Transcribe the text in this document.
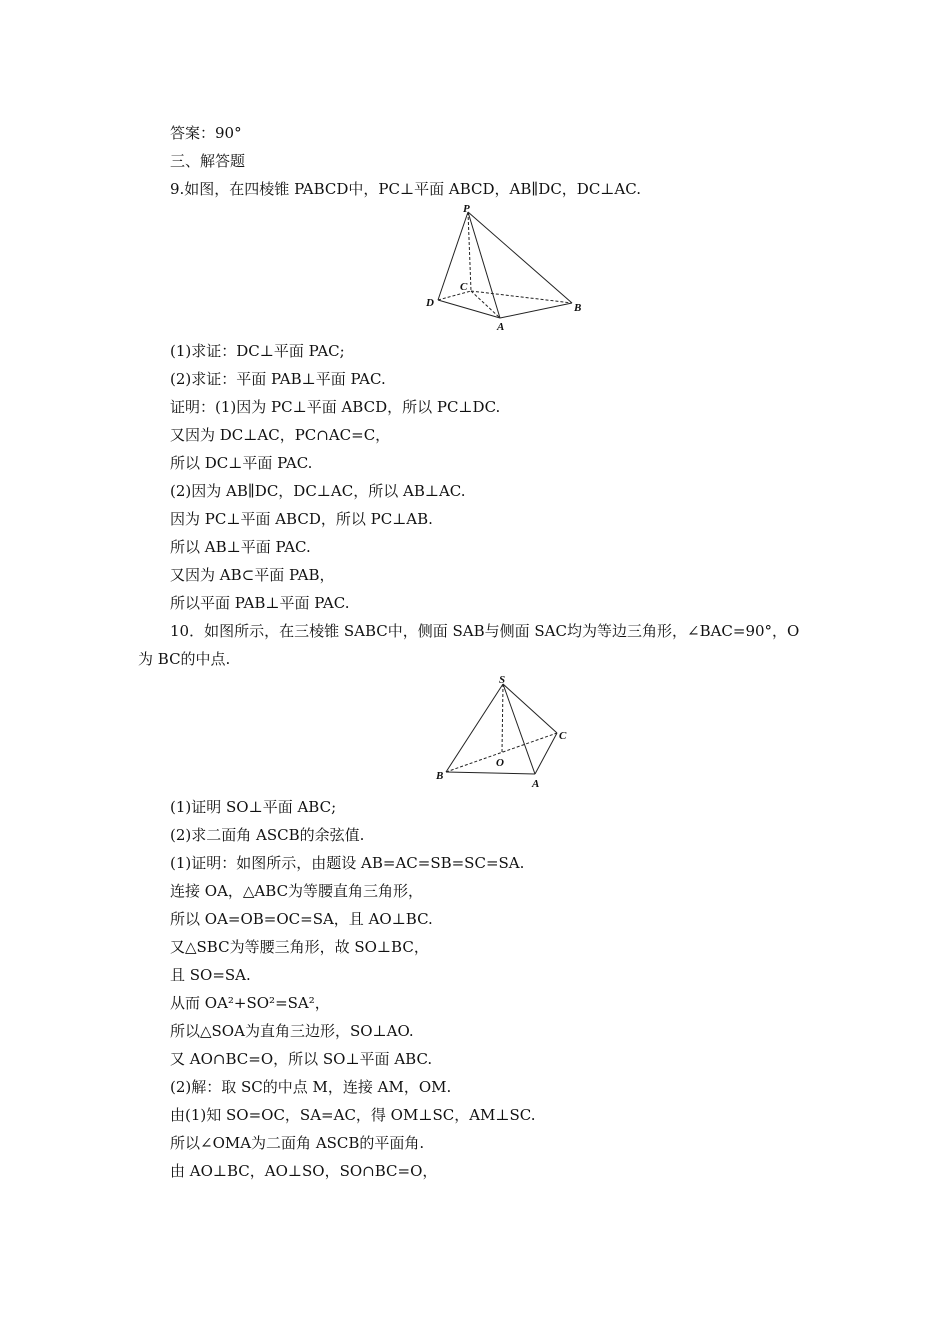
答案：90°
三、解答题
9.如图，在四棱锥 PABCD中，PC⊥平面 ABCD，AB∥DC，DC⊥AC.
P
C
D	B
A
(1)求证：DC⊥平面 PAC;
(2)求证：平面 PAB⊥平面 PAC.
证明：(1)因为 PC⊥平面 ABCD，所以 PC⊥DC.
又因为 DC⊥AC，PC∩AC=C，
所以 DC⊥平面 PAC.
(2)因为 AB∥DC，DC⊥AC，所以 AB⊥AC.
因为 PC⊥平面 ABCD，所以 PC⊥AB.
所以 AB⊥平面 PAC.
又因为 AB⊂平面 PAB，
所以平面 PAB⊥平面 PAC.
10．如图所示，在三棱锥 SABC中，侧面 SAB与侧面 SAC均为等边三角形，∠BAC=90°，O
为 BC的中点.
S
C
O
B
A
(1)证明 SO⊥平面 ABC;
(2)求二面角 ASCB的余弦值.
(1)证明：如图所示，由题设 AB=AC=SB=SC=SA.
连接 OA，△ABC为等腰直角三角形，
所以 OA=OB=OC=SA，且 AO⊥BC.
又△SBC为等腰三角形，故 SO⊥BC，
且 SO=SA.
从而 OA²+SO²=SA²，
所以△SOA为直角三边形，SO⊥AO.
又 AO∩BC=O，所以 SO⊥平面 ABC.
(2)解：取 SC的中点 M，连接 AM，OM.
由(1)知 SO=OC，SA=AC，得 OM⊥SC，AM⊥SC.
所以∠OMA为二面角 ASCB的平面角.
由 AO⊥BC，AO⊥SO，SO∩BC=O，
